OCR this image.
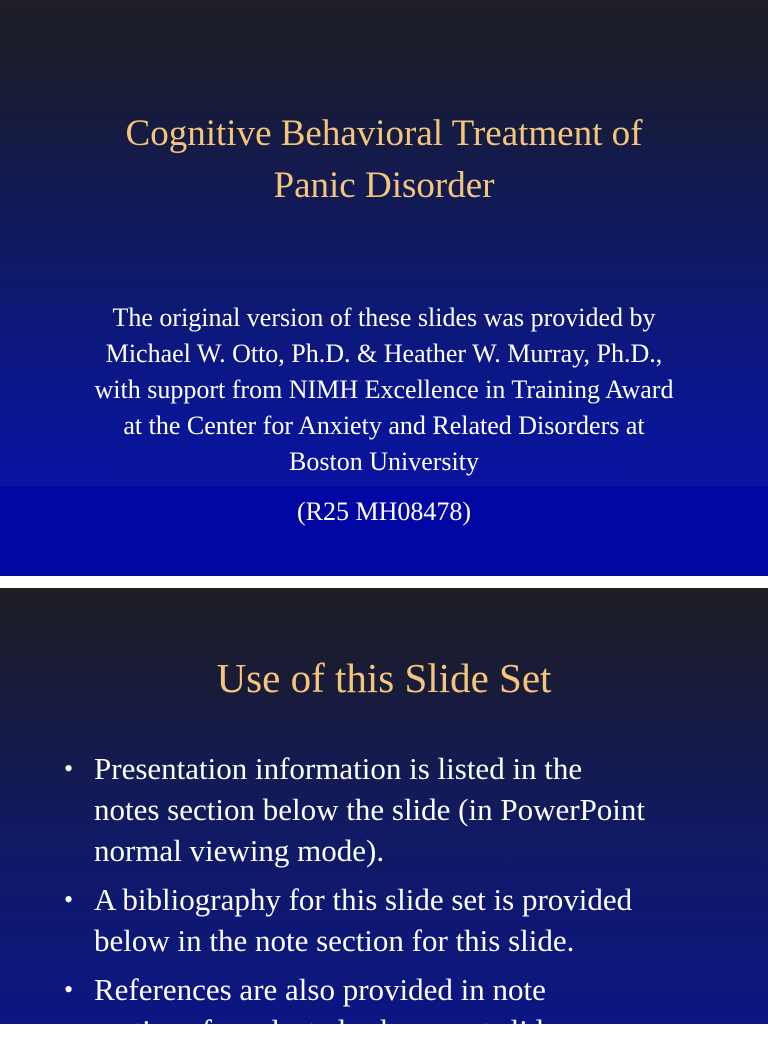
Cognitive Behavioral Treatment of
Panic Disorder
The original version of these slides was provided by
Michael W. Otto, Ph.D. & Heather W. Murray, Ph.D.,
with support from NIMH Excellence in Training Award
at the Center for Anxiety and Related Disorders at
Boston University
(R25 MH08478)
Use of this Slide Set
• Presentation information is listed in the
notes section below the slide (in PowerPoint
normal viewing mode).
• A bibliography for this slide set is provided
below in the note section for this slide.
• References are also provided in note
sections for selected subsequent slides.
